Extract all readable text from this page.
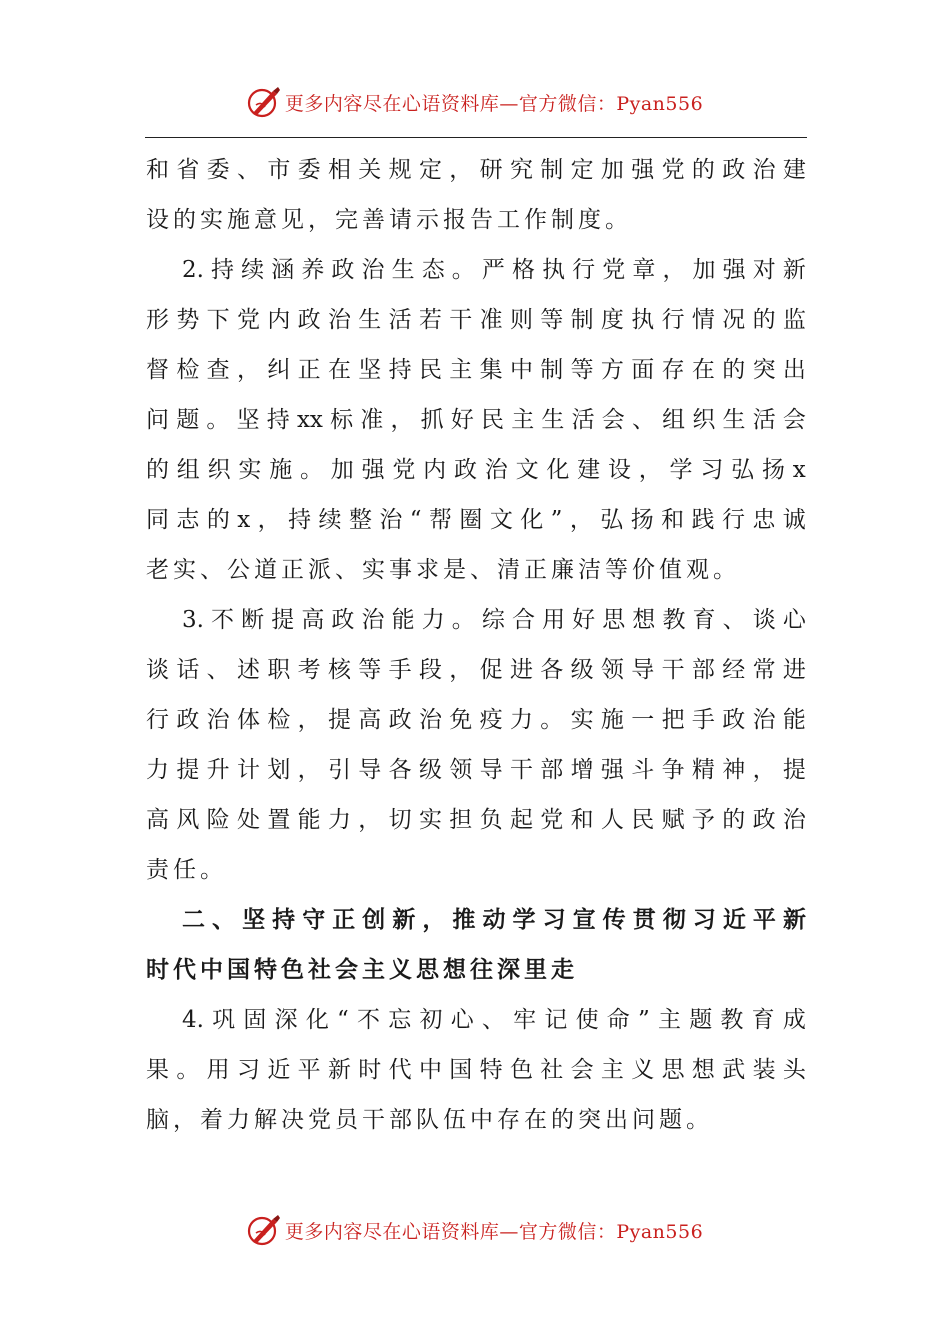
更多内容尽在心语资料库—官方微信：Pyan556
和 省 委 、 市 委 相 关 规 定 ， 研 究 制 定 加 强 党 的 政 治 建
设 的 实 施 意 见 ， 完 善 请 示 报 告 工 作 制 度 。
2. 持 续 涵 养 政 治 生 态 。 严 格 执 行 党 章 ， 加 强 对 新
形 势 下 党 内 政 治 生 活 若 干 准 则 等 制 度 执 行 情 况 的 监
督 检 查 ， 纠 正 在 坚 持 民 主 集 中 制 等 方 面 存 在 的 突 出
问 题 。 坚 持 xx 标 准 ， 抓 好 民 主 生 活 会 、 组 织 生 活 会
的 组 织 实 施 。 加 强 党 内 政 治 文 化 建 设 ， 学 习 弘 扬 x
同 志 的 x ， 持 续 整 治 “ 帮 圈 文 化 ” ， 弘 扬 和 践 行 忠 诚
老 实 、 公 道 正 派 、 实 事 求 是 、 清 正 廉 洁 等 价 值 观 。
3. 不 断 提 高 政 治 能 力 。 综 合 用 好 思 想 教 育 、 谈 心
谈 话 、 述 职 考 核 等 手 段 ， 促 进 各 级 领 导 干 部 经 常 进
行 政 治 体 检 ， 提 高 政 治 免 疫 力 。 实 施 一 把 手 政 治 能
力 提 升 计 划 ， 引 导 各 级 领 导 干 部 增 强 斗 争 精 神 ， 提
高 风 险 处 置 能 力 ， 切 实 担 负 起 党 和 人 民 赋 予 的 政 治
责 任 。
二 、 坚 持 守 正 创 新 ， 推 动 学 习 宣 传 贯 彻 习 近 平 新
时 代 中 国 特 色 社 会 主 义 思 想 往 深 里 走
4. 巩 固 深 化 “ 不 忘 初 心 、 牢 记 使 命 ” 主 题 教 育 成
果 。 用 习 近 平 新 时 代 中 国 特 色 社 会 主 义 思 想 武 装 头
脑 ， 着 力 解 决 党 员 干 部 队 伍 中 存 在 的 突 出 问 题 。
更多内容尽在心语资料库—官方微信：Pyan556
